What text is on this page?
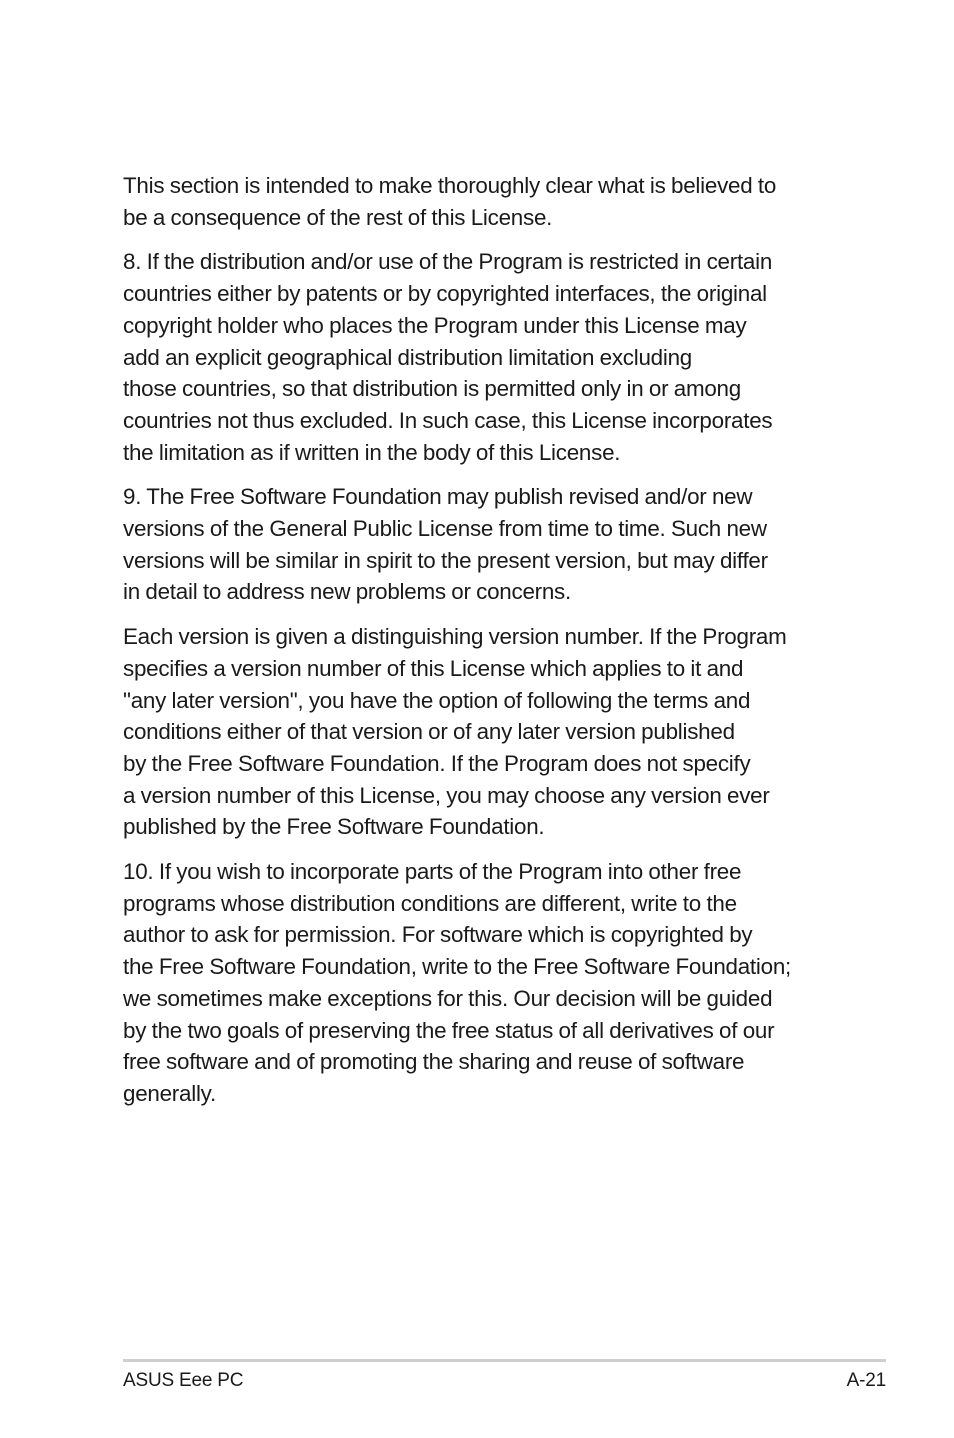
This section is intended to make thoroughly clear what is believed to
be a consequence of the rest of this License.

8. If the distribution and/or use of the Program is restricted in certain
countries either by patents or by copyrighted interfaces, the original
copyright holder who places the Program under this License may
add an explicit geographical distribution limitation excluding
those countries, so that distribution is permitted only in or among
countries not thus excluded. In such case, this License incorporates
the limitation as if written in the body of this License.

9. The Free Software Foundation may publish revised and/or new
versions of the General Public License from time to time. Such new
versions will be similar in spirit to the present version, but may differ
in detail to address new problems or concerns.

Each version is given a distinguishing version number. If the Program
specifies a version number of this License which applies to it and
"any later version", you have the option of following the terms and
conditions either of that version or of any later version published
by the Free Software Foundation. If the Program does not specify
a version number of this License, you may choose any version ever
published by the Free Software Foundation.

10. If you wish to incorporate parts of the Program into other free
programs whose distribution conditions are different, write to the
author to ask for permission. For software which is copyrighted by
the Free Software Foundation, write to the Free Software Foundation;
we sometimes make exceptions for this. Our decision will be guided
by the two goals of preserving the free status of all derivatives of our
free software and of promoting the sharing and reuse of software
generally.

ASUS Eee PC	A-21
